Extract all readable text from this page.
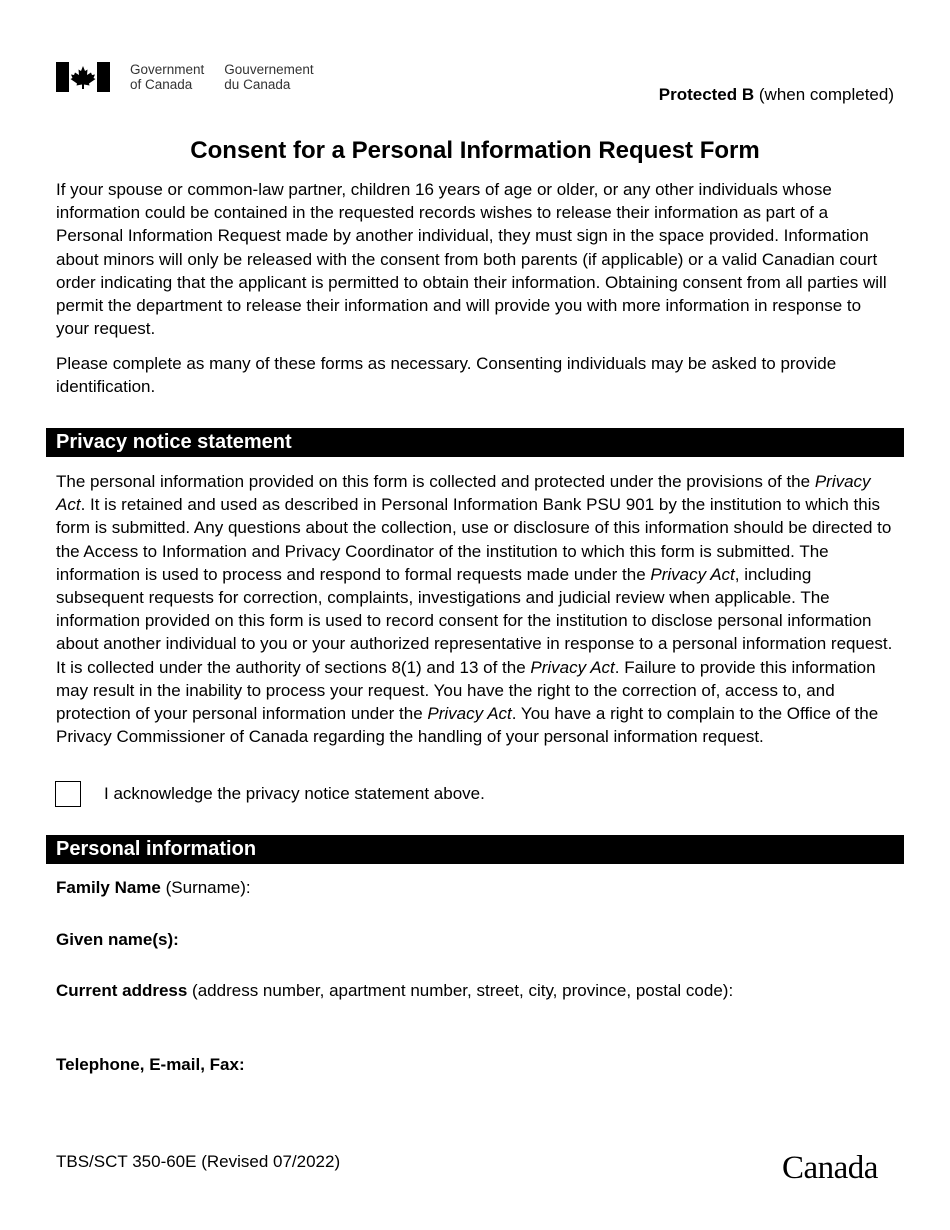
Government
of Canada
Gouvernement
du Canada
Protected B (when completed)
Consent for a Personal Information Request Form

If your spouse or common-law partner, children 16 years of age or older, or any other individuals whose information could be contained in the requested records wishes to release their information as part of a Personal Information Request made by another individual, they must sign in the space provided. Information about minors will only be released with the consent from both parents (if applicable) or a valid Canadian court order indicating that the applicant is permitted to obtain their information. Obtaining consent from all parties will permit the department to release their information and will provide you with more information in response to your request.

Please complete as many of these forms as necessary. Consenting individuals may be asked to provide identification.

Privacy notice statement

The personal information provided on this form is collected and protected under the provisions of the Privacy Act. It is retained and used as described in Personal Information Bank PSU 901 by the institution to which this form is submitted. Any questions about the collection, use or disclosure of this information should be directed to the Access to Information and Privacy Coordinator of the institution to which this form is submitted. The information is used to process and respond to formal requests made under the Privacy Act, including subsequent requests for correction, complaints, investigations and judicial review when applicable. The information provided on this form is used to record consent for the institution to disclose personal information about another individual to you or your authorized representative in response to a personal information request. It is collected under the authority of sections 8(1) and 13 of the Privacy Act. Failure to provide this information may result in the inability to process your request. You have the right to the correction of, access to, and protection of your personal information under the Privacy Act. You have a right to complain to the Office of the Privacy Commissioner of Canada regarding the handling of your personal information request.

I acknowledge the privacy notice statement above.
Personal information
Family Name (Surname):
Given name(s):
Current address (address number, apartment number, street, city, province, postal code):
Telephone, E-mail, Fax:
TBS/SCT 350-60E (Revised 07/2022)	Canada
